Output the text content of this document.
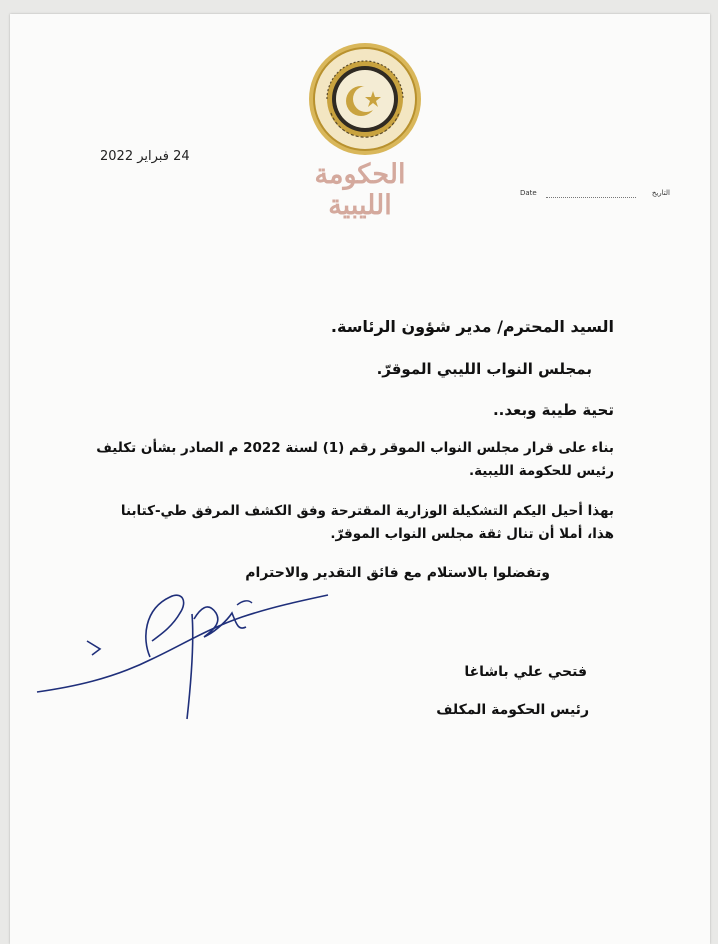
الحكومة الليبية
24 فبراير 2022
Date	التاريخ
السيد المحترم/ مدير شؤون الرئاسة.
بمجلس النواب الليبي الموقرّ.
تحية طيبة وبعد..
بناء على قرار مجلس النواب الموقر رقم (1) لسنة 2022 م الصادر بشأن تكليف رئيس للحكومة الليبية.
بهذا أحيل اليكم التشكيلة الوزارية المقترحة وفق الكشف المرفق طي-كتابنا هذا، أملا أن تنال ثقة مجلس النواب الموقرّ.
وتفضلوا بالاستلام مع فائق التقدير والاحترام
فتحي علي باشاغا
رئيس الحكومة المكلف
